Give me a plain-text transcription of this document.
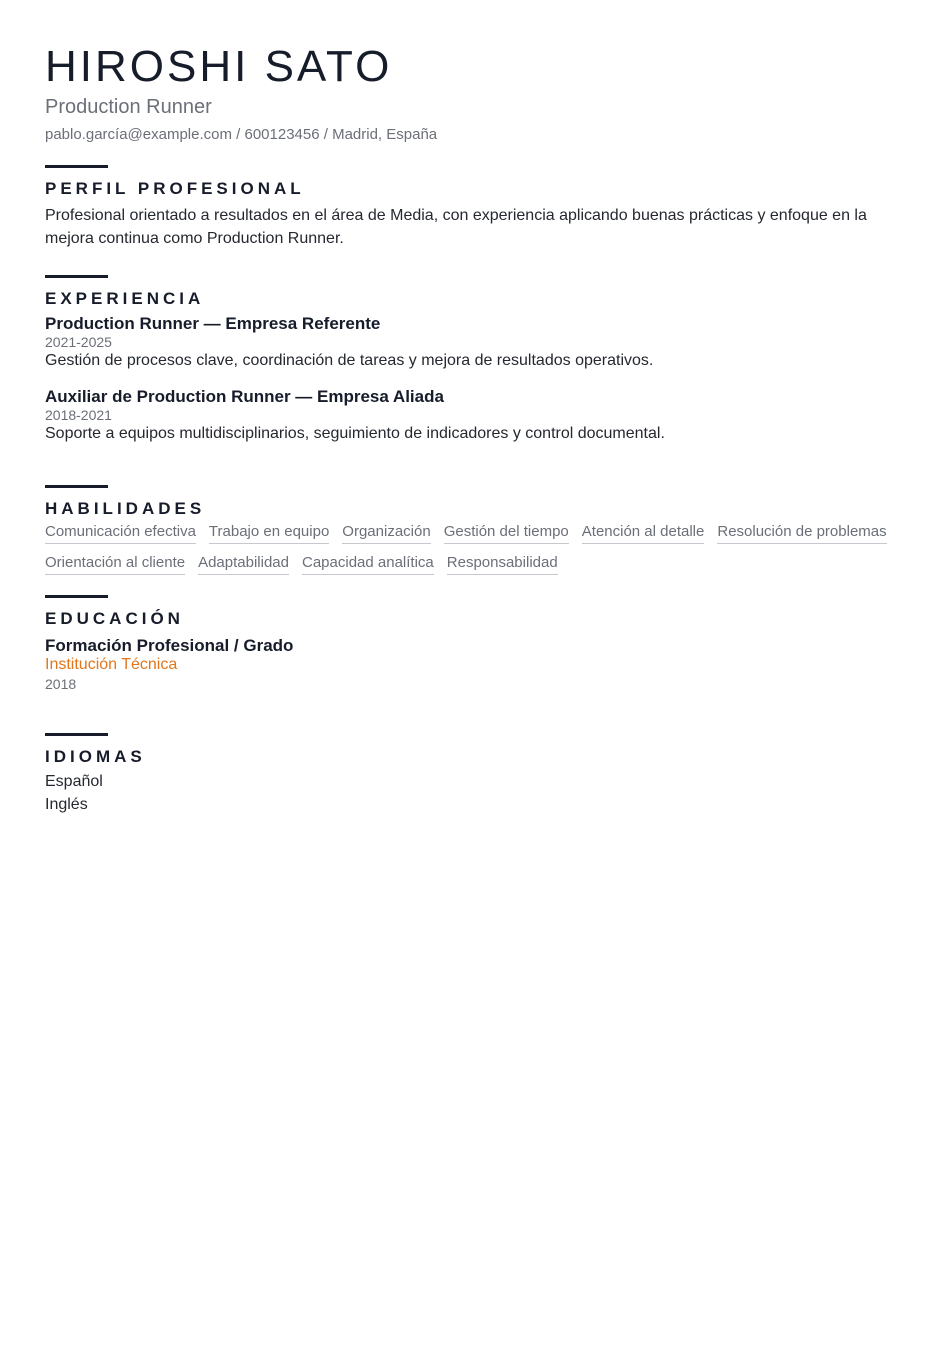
HIROSHI SATO
Production Runner
pablo.garcía@example.com / 600123456 / Madrid, España
PERFIL PROFESIONAL
Profesional orientado a resultados en el área de Media, con experiencia aplicando buenas prácticas y enfoque en la mejora continua como Production Runner.
EXPERIENCIA
Production Runner — Empresa Referente
2021-2025
Gestión de procesos clave, coordinación de tareas y mejora de resultados operativos.
Auxiliar de Production Runner — Empresa Aliada
2018-2021
Soporte a equipos multidisciplinarios, seguimiento de indicadores y control documental.
HABILIDADES
Comunicación efectiva Trabajo en equipo Organización Gestión del tiempo Atención al detalle Resolución de problemas
Orientación al cliente Adaptabilidad Capacidad analítica Responsabilidad
EDUCACIÓN
Formación Profesional / Grado
Institución Técnica
2018
IDIOMAS
Español
Inglés
